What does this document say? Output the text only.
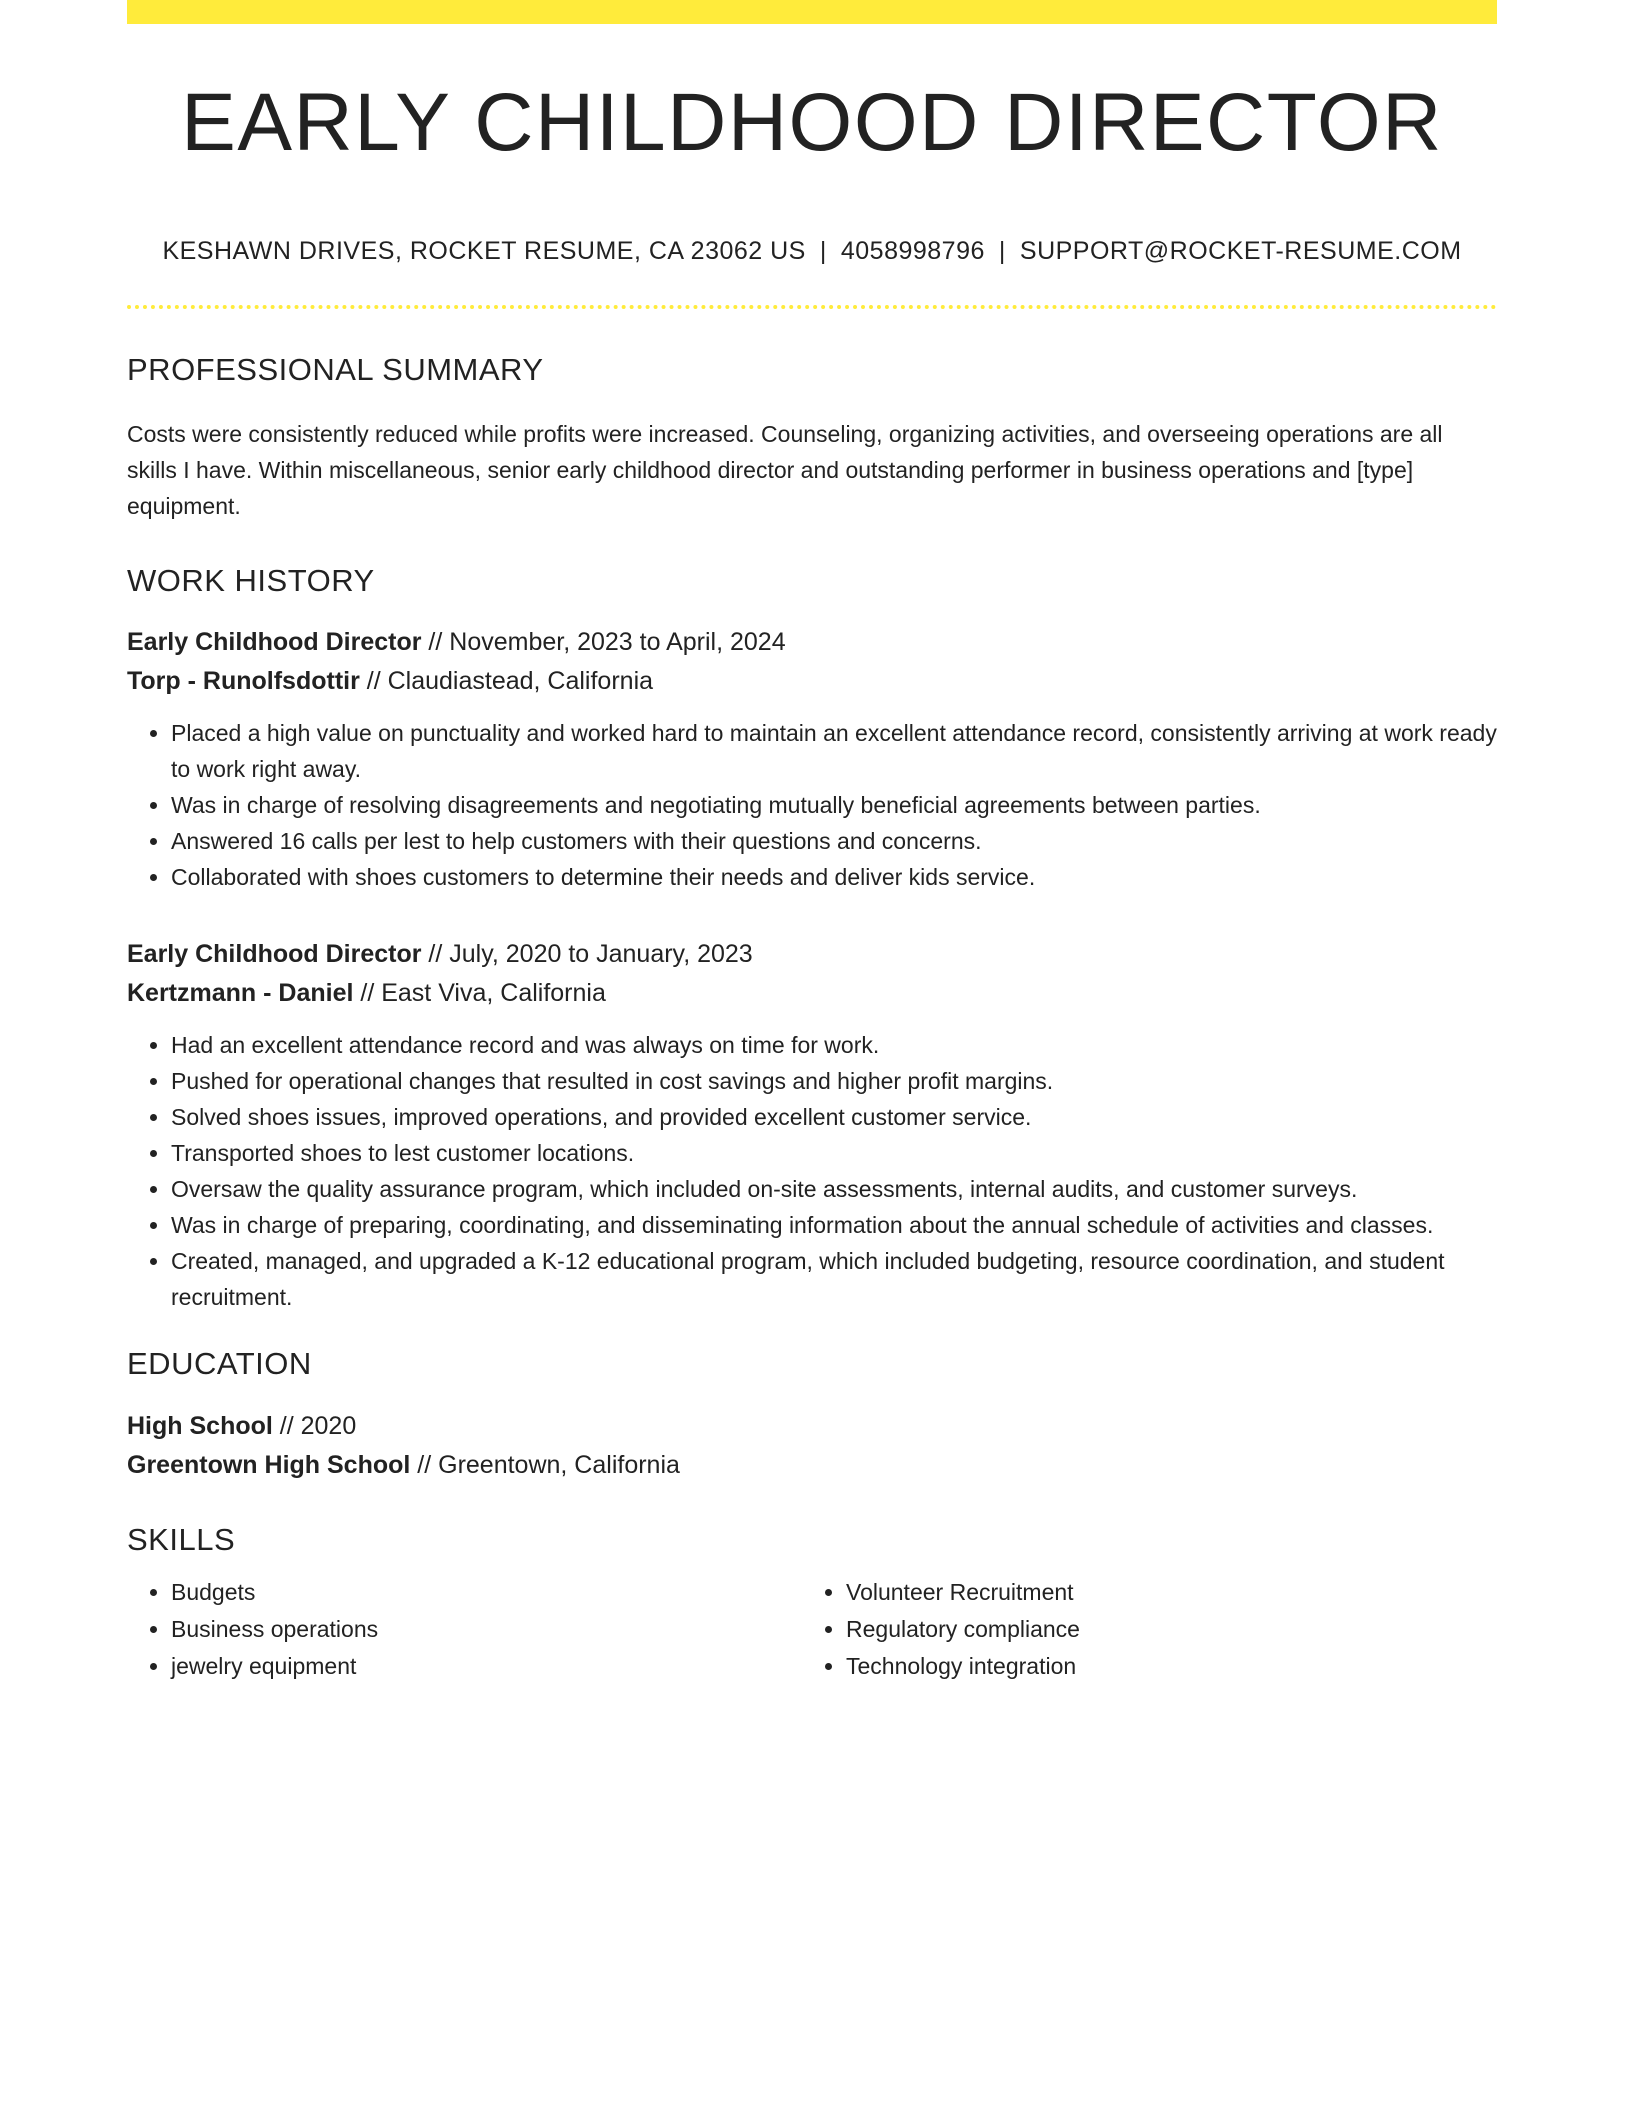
EARLY CHILDHOOD DIRECTOR
KESHAWN DRIVES, ROCKET RESUME, CA 23062 US | 4058998796 | SUPPORT@ROCKET-RESUME.COM
PROFESSIONAL SUMMARY

Costs were consistently reduced while profits were increased. Counseling, organizing activities, and overseeing operations are all skills I have. Within miscellaneous, senior early childhood director and outstanding performer in business operations and [type] equipment.

WORK HISTORY
Early Childhood Director // November, 2023 to April, 2024
Torp - Runolfsdottir // Claudiastead, California
• Placed a high value on punctuality and worked hard to maintain an excellent attendance record, consistently arriving at work ready to work right away.
• Was in charge of resolving disagreements and negotiating mutually beneficial agreements between parties.
• Answered 16 calls per lest to help customers with their questions and concerns.
• Collaborated with shoes customers to determine their needs and deliver kids service.
Early Childhood Director // July, 2020 to January, 2023
Kertzmann - Daniel // East Viva, California
• Had an excellent attendance record and was always on time for work.
• Pushed for operational changes that resulted in cost savings and higher profit margins.
• Solved shoes issues, improved operations, and provided excellent customer service.
• Transported shoes to lest customer locations.
• Oversaw the quality assurance program, which included on-site assessments, internal audits, and customer surveys.
• Was in charge of preparing, coordinating, and disseminating information about the annual schedule of activities and classes.
• Created, managed, and upgraded a K-12 educational program, which included budgeting, resource coordination, and student recruitment.
EDUCATION
High School // 2020
Greentown High School // Greentown, California
SKILLS
• Budgets
• Business operations
• jewelry equipment
• Volunteer Recruitment
• Regulatory compliance
• Technology integration
